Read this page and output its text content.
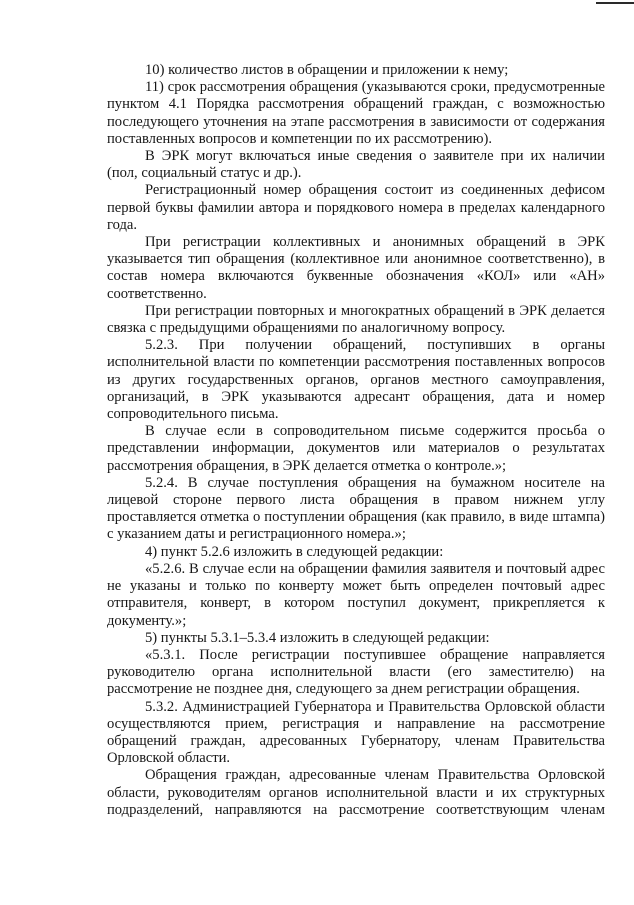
10) количество листов в обращении и приложении к нему;

11) срок рассмотрения обращения (указываются сроки, предусмотренные пунктом 4.1 Порядка рассмотрения обращений граждан, с возможностью последующего уточнения на этапе рассмотрения в зависимости от содержания поставленных вопросов и компетенции по их рассмотрению).

В ЭРК могут включаться иные сведения о заявителе при их наличии (пол, социальный статус и др.).

Регистрационный номер обращения состоит из соединенных дефисом первой буквы фамилии автора и порядкового номера в пределах календарного года.

При регистрации коллективных и анонимных обращений в ЭРК указывается тип обращения (коллективное или анонимное соответственно), в состав номера включаются буквенные обозначения «КОЛ» или «АН» соответственно.

При регистрации повторных и многократных обращений в ЭРК делается связка с предыдущими обращениями по аналогичному вопросу.

5.2.3. При получении обращений, поступивших в органы исполнительной власти по компетенции рассмотрения поставленных вопросов из других государственных органов, органов местного самоуправления, организаций, в ЭРК указываются адресант обращения, дата и номер сопроводительного письма.

В случае если в сопроводительном письме содержится просьба о представлении информации, документов или материалов о результатах рассмотрения обращения, в ЭРК делается отметка о контроле.»;

5.2.4. В случае поступления обращения на бумажном носителе на лицевой стороне первого листа обращения в правом нижнем углу проставляется отметка о поступлении обращения (как правило, в виде штампа) с указанием даты и регистрационного номера.»;

4) пункт 5.2.6 изложить в следующей редакции:

«5.2.6. В случае если на обращении фамилия заявителя и почтовый адрес не указаны и только по конверту может быть определен почтовый адрес отправителя, конверт, в котором поступил документ, прикрепляется к документу.»;

5) пункты 5.3.1–5.3.4 изложить в следующей редакции:

«5.3.1. После регистрации поступившее обращение направляется руководителю органа исполнительной власти (его заместителю) на рассмотрение не позднее дня, следующего за днем регистрации обращения.

5.3.2. Администрацией Губернатора и Правительства Орловской области осуществляются прием, регистрация и направление на рассмотрение обращений граждан, адресованных Губернатору, членам Правительства Орловской области.

Обращения граждан, адресованные членам Правительства Орловской области, руководителям органов исполнительной власти и их структурных подразделений, направляются на рассмотрение соответствующим членам
